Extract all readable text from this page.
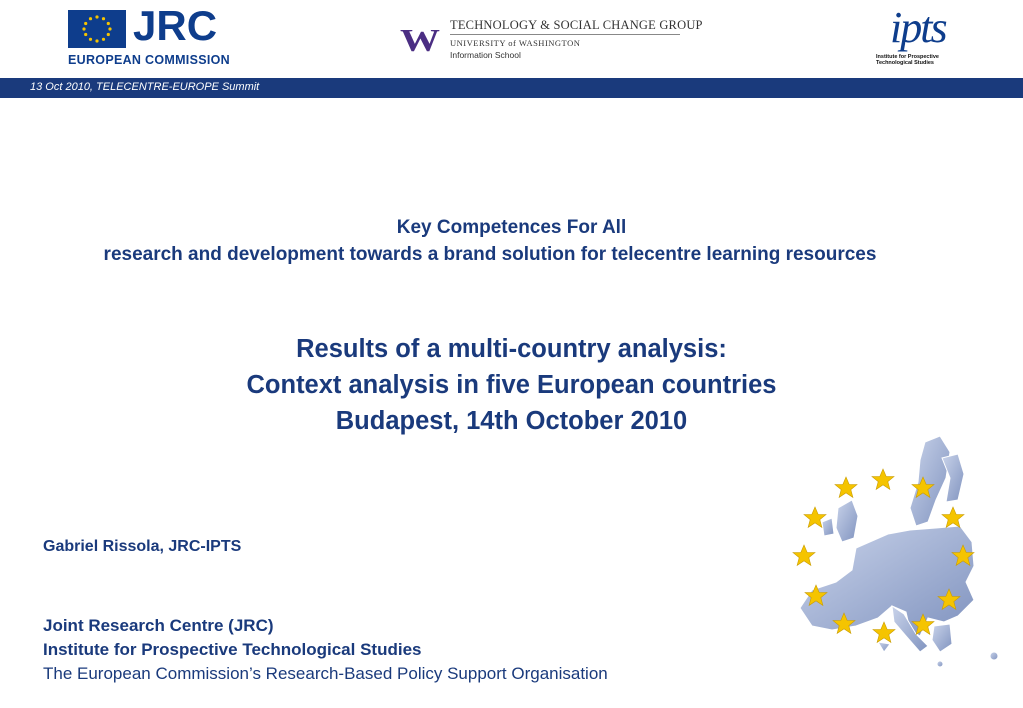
JRC
EUROPEAN COMMISSION
W TECHNOLOGY & SOCIAL CHANGE GROUP
UNIVERSITY of WASHINGTON
Information School
ipts
Institute for Prospective Technological Studies
13 Oct 2010, TELECENTRE-EUROPE Summit
Key Competences For All
research and development towards a brand solution for telecentre learning resources
Results of a multi-country analysis:
Context analysis in five European countries
Budapest, 14th October 2010
Gabriel Rissola, JRC-IPTS
Joint Research Centre (JRC)
Institute for Prospective Technological Studies
The European Commission’s Research-Based Policy Support Organisation
